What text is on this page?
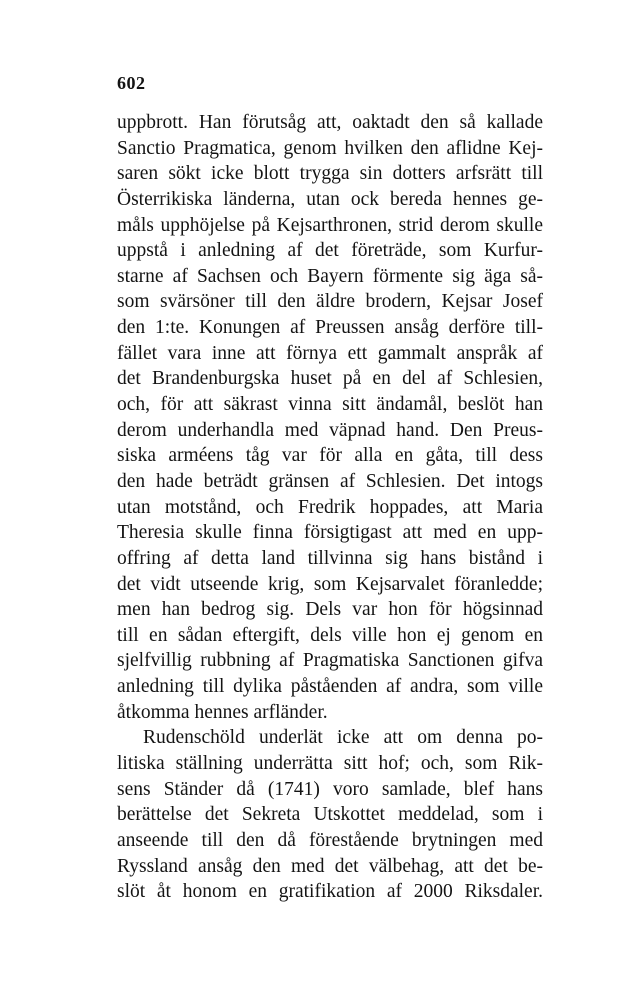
602
uppbrott. Han förutsåg att, oaktadt den så kallade
Sanctio Pragmatica, genom hvilken den aflidne Kej-
saren sökt icke blott trygga sin dotters arfsrätt till
Österrikiska länderna, utan ock bereda hennes ge-
måls upphöjelse på Kejsarthronen, strid derom skulle
uppstå i anledning af det företräde, som Kurfur-
starne af Sachsen och Bayern förmente sig äga så-
som svärsöner till den äldre brodern, Kejsar Josef
den 1:te. Konungen af Preussen ansåg derföre till-
fället vara inne att förnya ett gammalt anspråk af
det Brandenburgska huset på en del af Schlesien,
och, för att säkrast vinna sitt ändamål, beslöt han
derom underhandla med väpnad hand. Den Preus-
siska arméens tåg var för alla en gåta, till dess
den hade beträdt gränsen af Schlesien. Det intogs
utan motstånd, och Fredrik hoppades, att Maria
Theresia skulle finna försigtigast att med en upp-
offring af detta land tillvinna sig hans bistånd i
det vidt utseende krig, som Kejsarvalet föranledde;
men han bedrog sig. Dels var hon för högsinnad
till en sådan eftergift, dels ville hon ej genom en
sjelfvillig rubbning af Pragmatiska Sanctionen gifva
anledning till dylika påståenden af andra, som ville
åtkomma hennes arfländer.
Rudenschöld underlät icke att om denna po-
litiska ställning underrätta sitt hof; och, som Rik-
sens Ständer då (1741) voro samlade, blef hans
berättelse det Sekreta Utskottet meddelad, som i
anseende till den då förestående brytningen med
Ryssland ansåg den med det välbehag, att det be-
slöt åt honom en gratifikation af 2000 Riksdaler.
